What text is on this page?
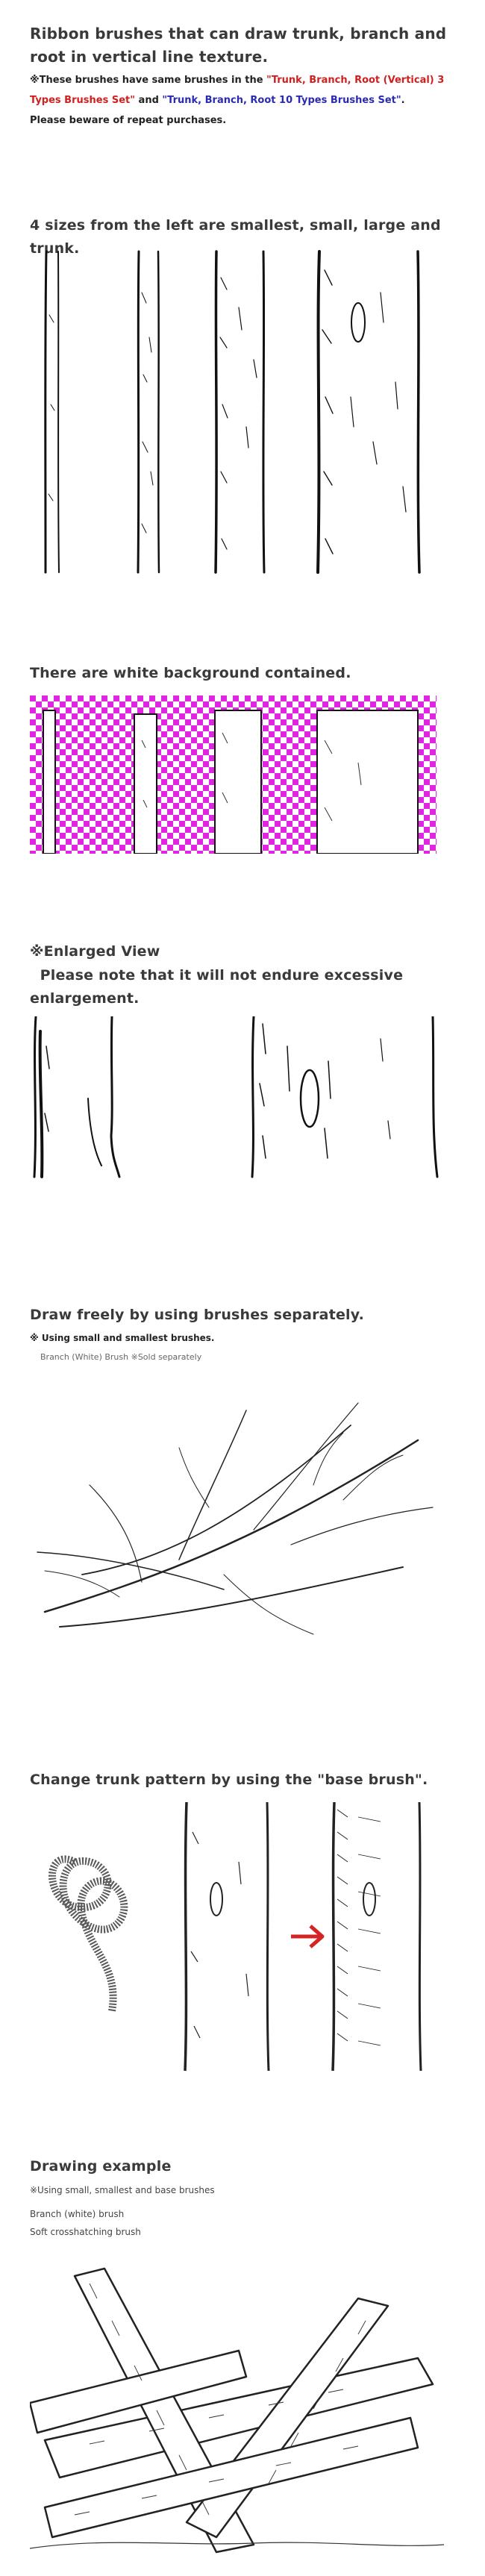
Ribbon brushes that can draw trunk, branch and root in vertical line texture.
※These brushes have same brushes in the "Trunk, Branch, Root (Vertical) 3 Types Brushes Set" and "Trunk, Branch, Root 10 Types Brushes Set".
Please beware of repeat purchases.
4 sizes from the left are smallest, small, large and trunk.
There are white background contained.
※Enlarged View
Please note that it will not endure excessive enlargement.
Draw freely by using brushes separately.
※ Using small and smallest brushes.
Branch (White) Brush ※Sold separately
Change trunk pattern by using the "base brush".
Drawing example
※Using small, smallest and base brushes
Branch (white) brush
Soft crosshatching brush
